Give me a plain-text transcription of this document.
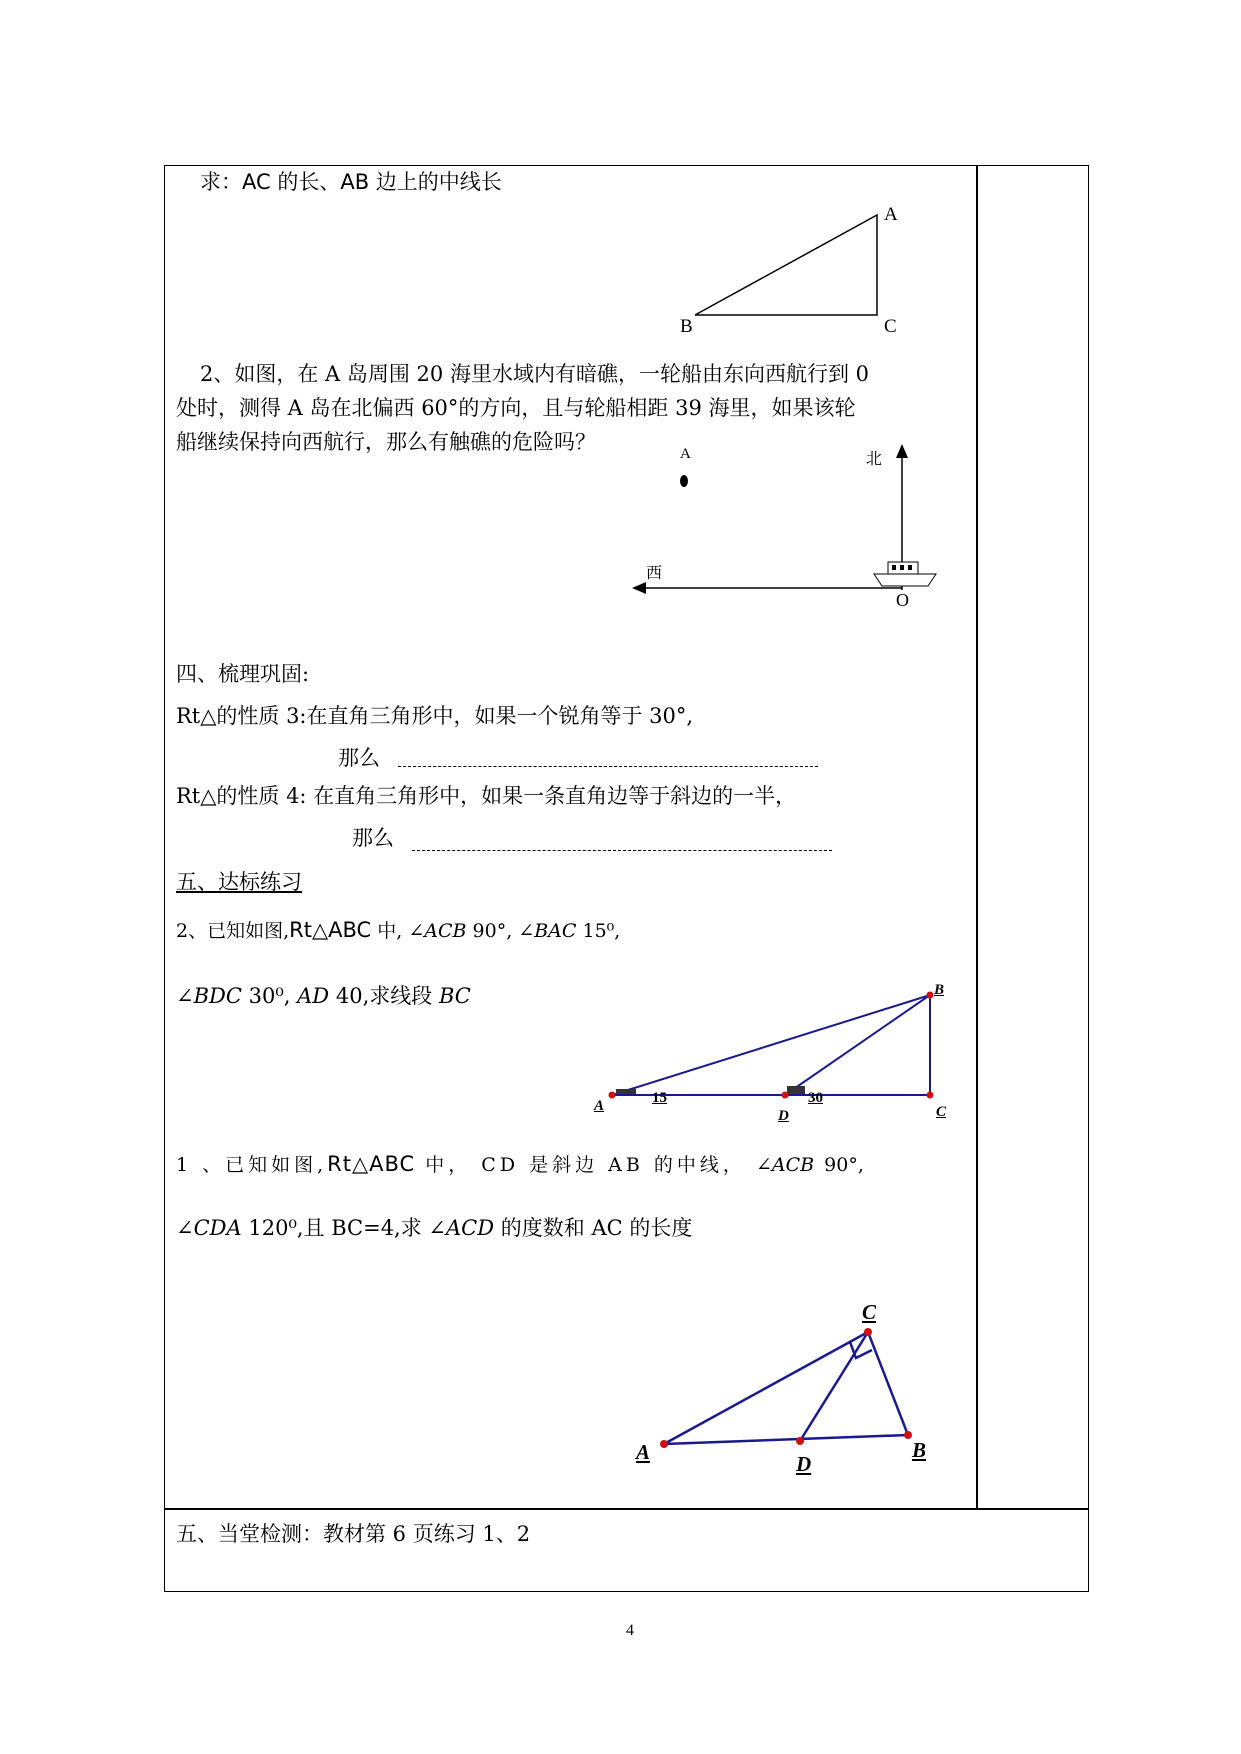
求：AC 的长、AB 边上的中线长
A
B	C
2、如图，在 A 岛周围 20 海里水域内有暗礁，一轮船由东向西航行到 0
处时，测得 A 岛在北偏西 60°的方向，且与轮船相距 39 海里，如果该轮
船继续保持向西航行，那么有触礁的危险吗？	A	北
西
O
四、梳理巩固:
Rt△的性质 3:在直角三角形中，如果一个锐角等于 30°,
那么
Rt△的性质 4: 在直角三角形中，如果一条直角边等于斜边的一半，
那么
五、达标练习
2、已知如图,Rt△ABC 中, ∠ACB 90°, ∠BAC 15⁰,
∠BDC 30⁰, AD 40,求线段 BC
A	15
D
30
B
C
1 、已知如图,Rt△ABC 中， CD 是斜边 AB 的中线， ∠ACB 90°,
∠CDA 120⁰,且 BC=4,求 ∠ACD 的度数和 AC 的长度
A	D
B
C
五、当堂检测：教材第 6 页练习 1、2
4
